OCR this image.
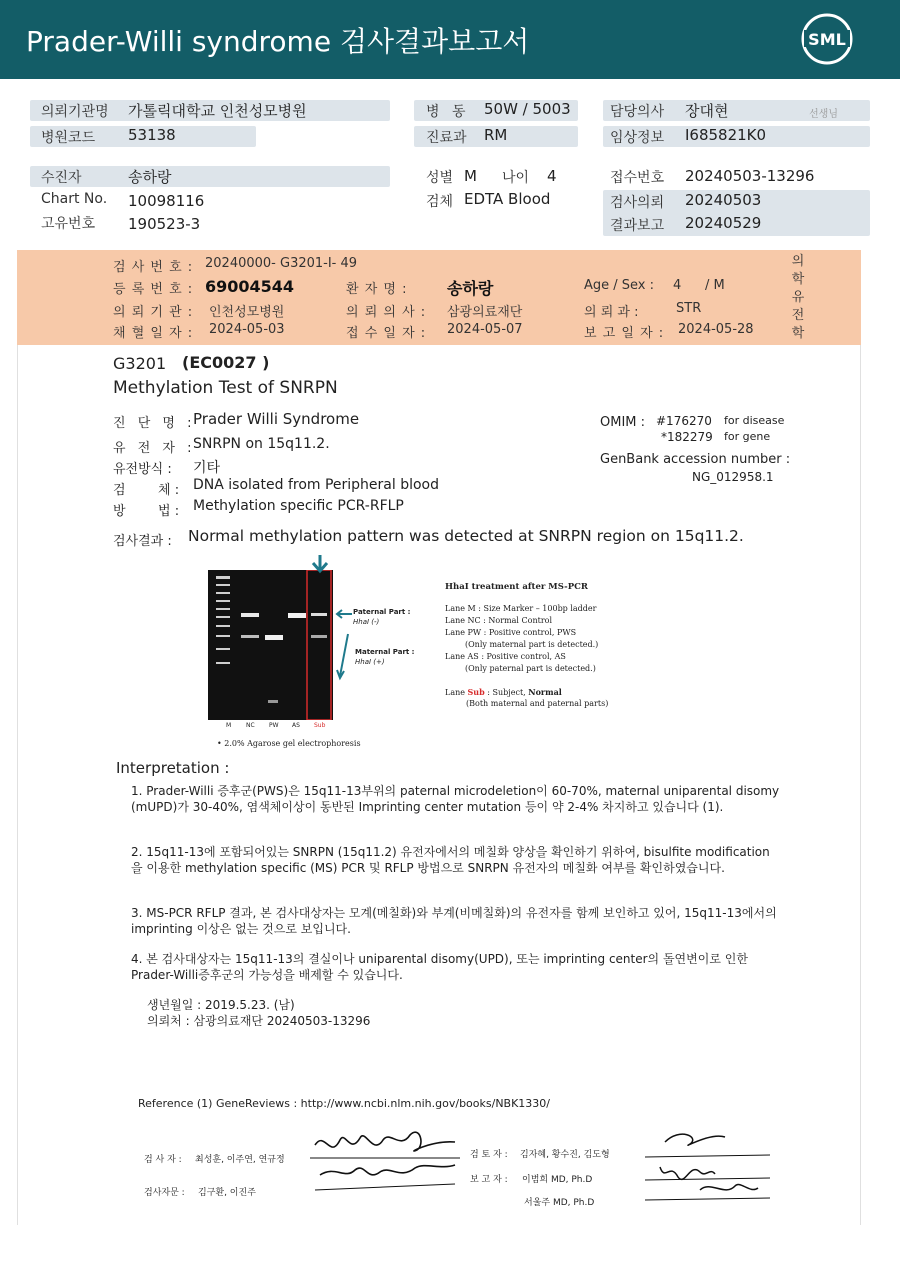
Prader-Willi syndrome 검사결과보고서	SML
의뢰기관명 가톨릭대학교 인천성모병원
병원코드 53138
병 동 50W / 5003
진료과 RM
담당의사 장대현	선생님
임상정보 I685821K0
수진자	송하랑
Chart No. 10098116
고유번호 190523-3
성별 M 나이 4
검체 EDTA Blood
접수번호 20240503-13296
검사의뢰 20240503
결과보고 20240529
검 사 번 호 : 20240000- G3201-I- 49
등 록 번 호 : 69004544	환 자 명 : 송하랑	Age / Sex : 4 / M
의 뢰 기 관 : 인천성모병원	의 뢰 의 사 : 삼광의료재단	의 뢰 과 :	STR
채 혈 일 자 : 2024-05-03	접 수 일 자 : 2024-05-07	보 고 일 자 : 2024-05-28
의
학
유
전
학
G3201 (EC0027 )
Methylation Test of SNRPN
진 단 명 :
Prader Willi Syndrome
유 전 자 :
SNRPN on 15q11.2.
유전방식 : 기타
검 체 : DNA isolated from Peripheral blood
방 법 : Methylation specific PCR-RFLP
OMIM : #176270 for disease
*182279 for gene
GenBank accession number :
NG_012958.1
검사결과 : Normal methylation pattern was detected at SNRPN region on 15q11.2.
Paternal Part :
HhaI (-)
Maternal Part :
HhaI (+)
M NC PW AS Sub
• 2.0% Agarose gel electrophoresis
HhaI treatment after MS-PCR
Lane M : Size Marker – 100bp ladder
Lane NC : Normal Control
Lane PW : Positive control, PWS
(Only maternal part is detected.)
Lane AS : Positive control, AS
(Only paternal part is detected.)
Lane Sub : Subject, Normal
(Both maternal and paternal parts)
Interpretation :

1. Prader-Willi 증후군(PWS)은 15q11-13부위의 paternal microdeletion이 60-70%, maternal uniparental disomy (mUPD)가 30-40%, 염색체이상이 동반된 Imprinting center mutation 등이 약 2-4% 차지하고 있습니다 (1).

2. 15q11-13에 포함되어있는 SNRPN (15q11.2) 유전자에서의 메칠화 양상을 확인하기 위하여, bisulfite modification을 이용한 methylation specific (MS) PCR 및 RFLP 방법으로 SNRPN 유전자의 메칠화 여부를 확인하였습니다.

3. MS-PCR RFLP 결과, 본 검사대상자는 모계(메칠화)와 부계(비메칠화)의 유전자를 함께 보인하고 있어, 15q11-13에서의 imprinting 이상은 없는 것으로 보입니다.

4. 본 검사대상자는 15q11-13의 결실이나 uniparental disomy(UPD), 또는 imprinting center의 돌연변이로 인한 Prader-Willi증후군의 가능성을 배제할 수 있습니다.

생년월일 : 2019.5.23. (남)
의뢰처 : 삼광의료재단 20240503-13296
Reference (1) GeneReviews : http://www.ncbi.nlm.nih.gov/books/NBK1330/
검 사 자 : 최성훈, 이주연, 연규정
검사자문 : 김구환, 이진주
검 토 자 : 김자혜, 황수진, 김도형
보 고 자 : 이범희 MD, Ph.D
서울주 MD, Ph.D
